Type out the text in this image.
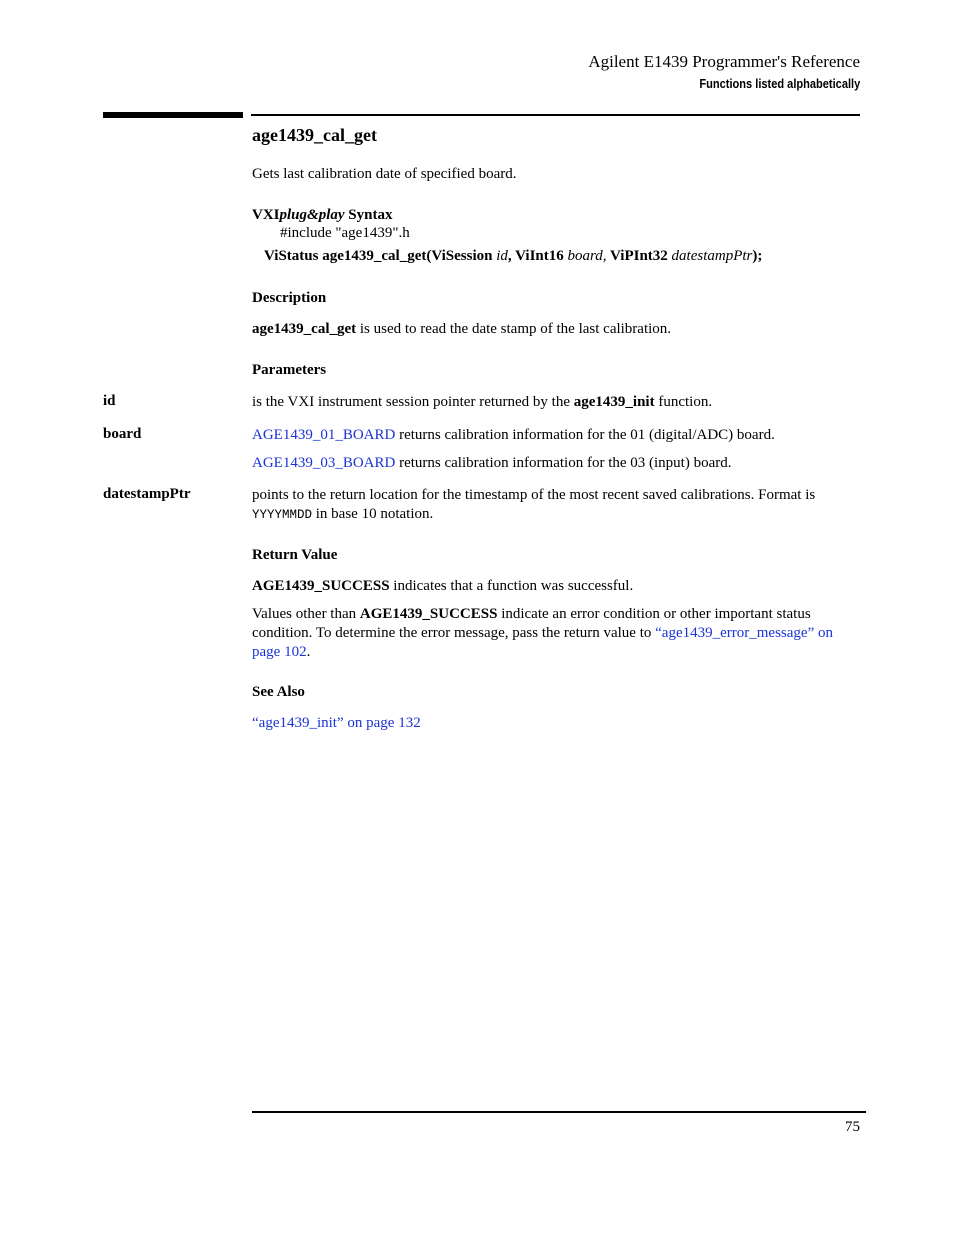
Agilent E1439 Programmer's Reference
Functions listed alphabetically
age1439_cal_get
Gets last calibration date of specified board.
VXIplug&play Syntax
#include "age1439".h
ViStatus age1439_cal_get(ViSession id, ViInt16 board, ViPInt32 datestampPtr);
Description
age1439_cal_get is used to read the date stamp of the last calibration.
Parameters
id	is the VXI instrument session pointer returned by the age1439_init function.
board	AGE1439_01_BOARD returns calibration information for the 01 (digital/ADC) board.
AGE1439_03_BOARD returns calibration information for the 03 (input) board.
datestampPtr	points to the return location for the timestamp of the most recent saved calibrations. Format is YYYYMMDD in base 10 notation.
Return Value
AGE1439_SUCCESS indicates that a function was successful.
Values other than AGE1439_SUCCESS indicate an error condition or other important status condition. To determine the error message, pass the return value to “age1439_error_message” on page 102.
See Also
“age1439_init” on page 132
75
